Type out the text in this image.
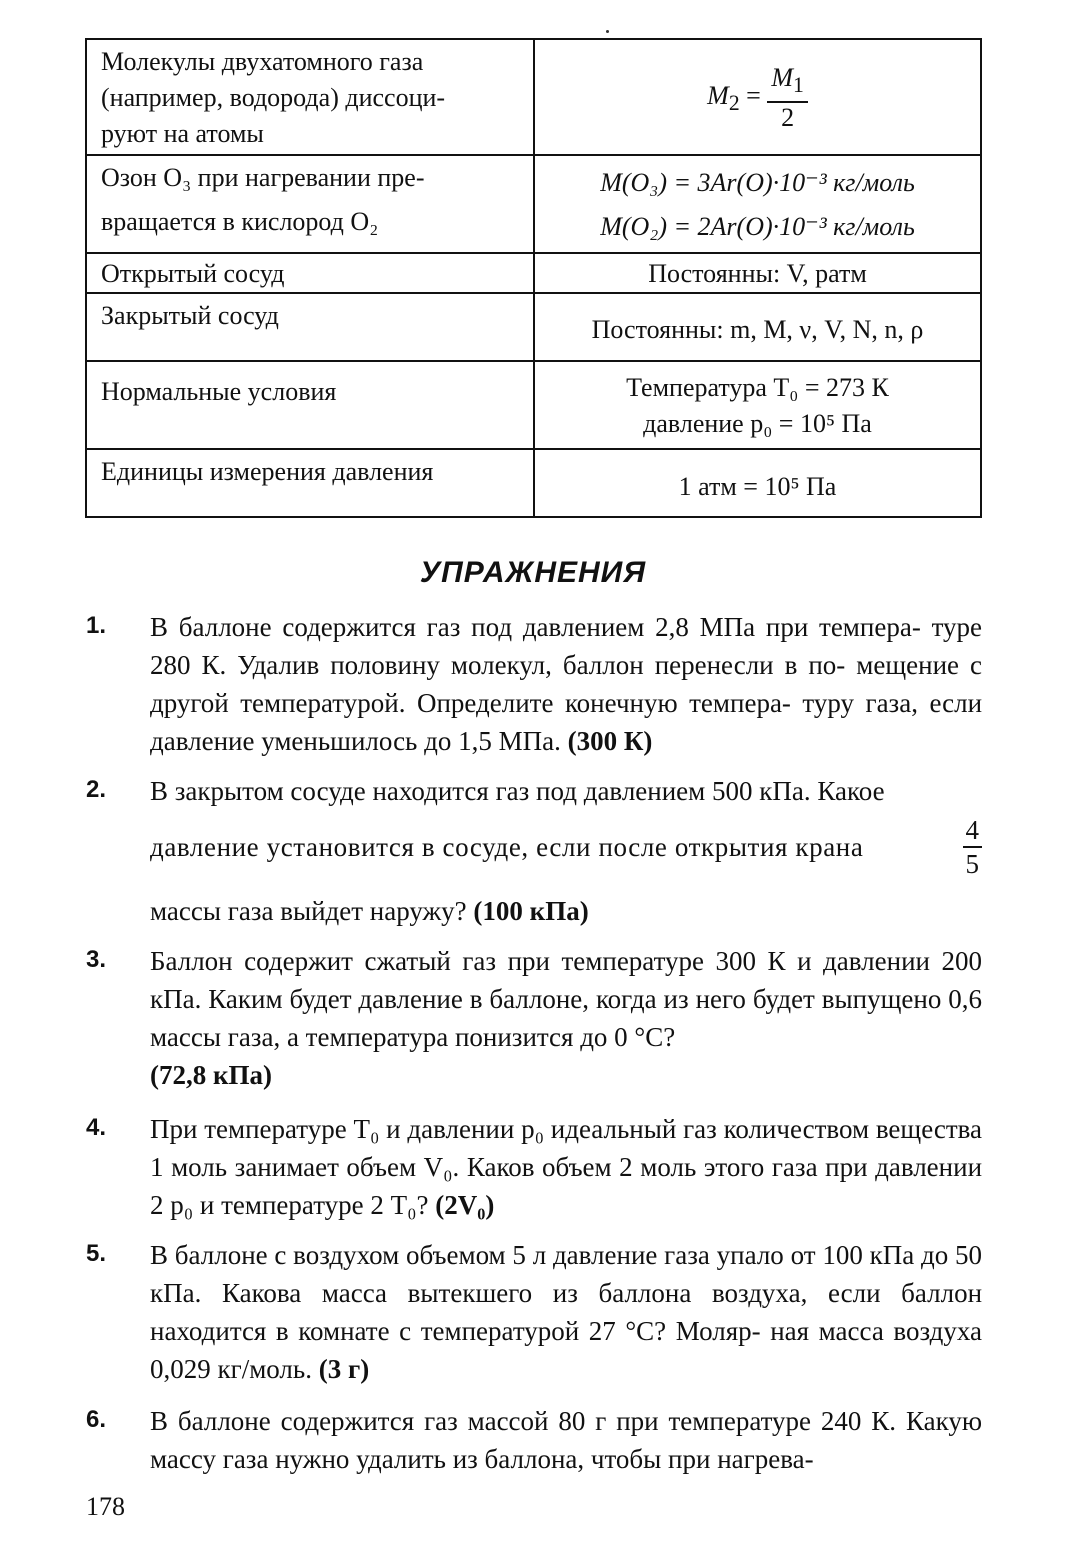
Молекулы двухатомного газа
(например, водорода) диссоци-
руют на атомы	$M_2 = \frac{M_1}{2}$

Озон O₃ при нагревании пре-
вращается в кислород O₂	M(O₃) = 3Ar(O)·10⁻³ кг/моль
M(O₂) = 2Ar(O)·10⁻³ кг/моль

Открытый сосуд	Постоянны: V, pатм
Закрытый сосуд	Постоянны: m, M, ν, V, N, n, ρ
Нормальные условия	Температура T₀ = 273 К
давление p₀ = 10⁵ Па

Единицы измерения давления	1 атм = 10⁵ Па
УПРАЖНЕНИЯ
1. В баллоне содержится газ под давлением 2,8 МПа при темпера- туре 280 К. Удалив половину молекул, баллон перенесли в по- мещение с другой температурой. Определите конечную темпера- туру газа, если давление уменьшилось до 1,5 МПа. (300 К)
2. В закрытом сосуде находится газ под давлением 500 кПа. Какое
давление установится в сосуде, если после открытия крана	$\frac{4}{5}$
массы газа выйдет наружу? (100 кПа)
3. Баллон содержит сжатый газ при температуре 300 К и давлении 200 кПа. Каким будет давление в баллоне, когда из него будет выпущено 0,6 массы газа, а температура понизится до 0 °С?
(72,8 кПа)
4. При температуре T₀ и давлении p₀ идеальный газ количеством вещества 1 моль занимает объем V₀. Каков объем 2 моль этого газа при давлении 2 p₀ и температуре 2 T₀? (2V₀)
5. В баллоне с воздухом объемом 5 л давление газа упало от 100 кПа до 50 кПа. Какова масса вытекшего из баллона воздуха, если баллон находится в комнате с температурой 27 °С? Моляр- ная масса воздуха 0,029 кг/моль. (3 г)
6. В баллоне содержится газ массой 80 г при температуре 240 К. Какую массу газа нужно удалить из баллона, чтобы при нагрева-
178
